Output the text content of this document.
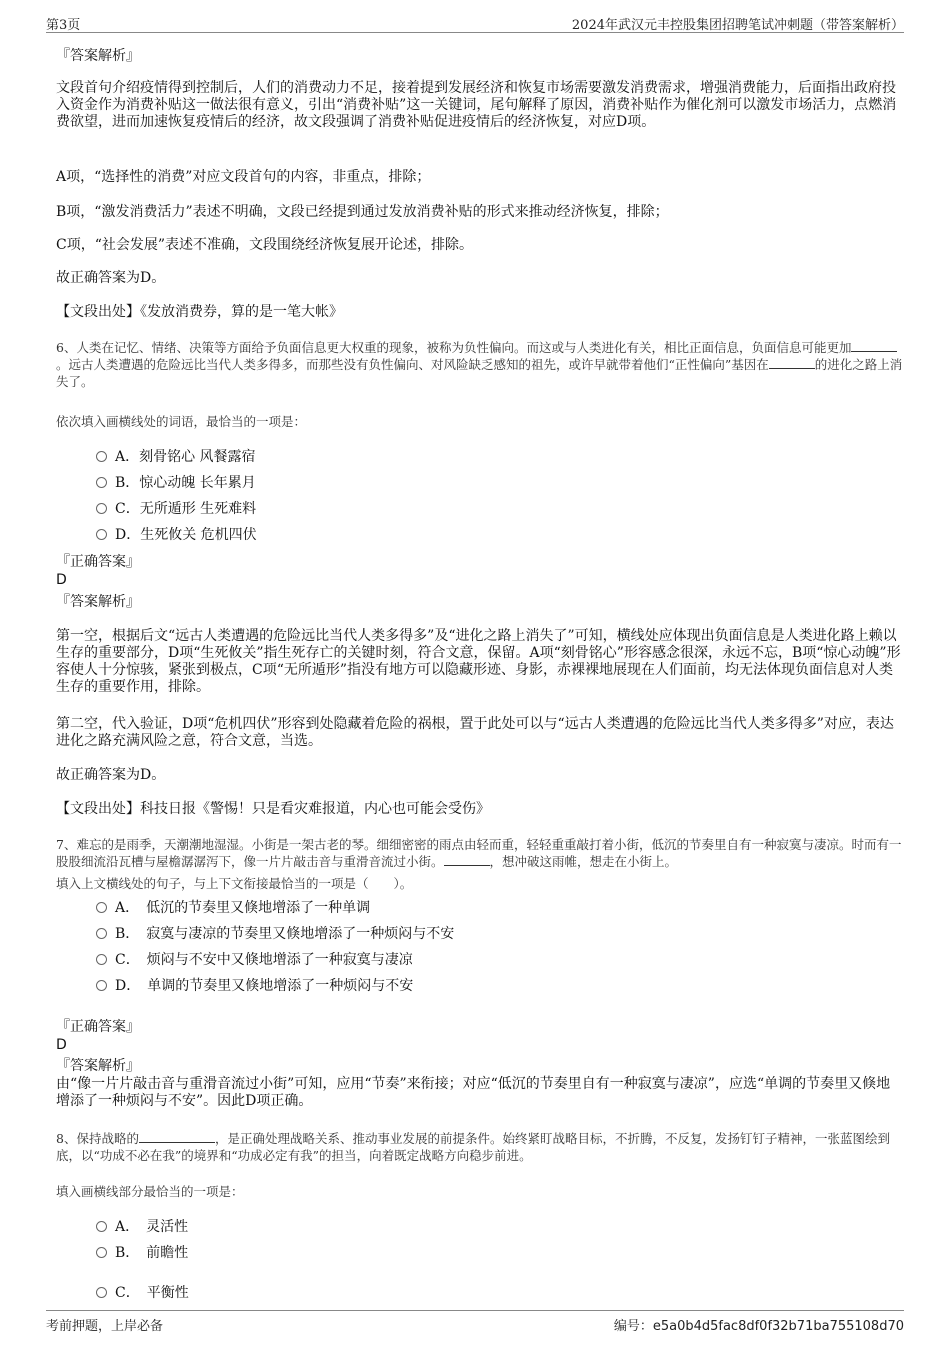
第3页	2024年武汉元丰控股集团招聘笔试冲刺题（带答案解析）
『答案解析』

文段首句介绍疫情得到控制后，人们的消费动力不足，接着提到发展经济和恢复市场需要激发消费需求，增强消费能力，后面指出政府投入资金作为消费补贴这一做法很有意义，引出“消费补贴”这一关键词，尾句解释了原因，消费补贴作为催化剂可以激发市场活力，点燃消费欲望，进而加速恢复疫情后的经济，故文段强调了消费补贴促进疫情后的经济恢复，对应D项。

A项，“选择性的消费”对应文段首句的内容，非重点，排除；

B项，“激发消费活力”表述不明确，文段已经提到通过发放消费补贴的形式来推动经济恢复，排除；

C项，“社会发展”表述不准确，文段围绕经济恢复展开论述，排除。

故正确答案为D。

【文段出处】《发放消费券，算的是一笔大帐》

6、人类在记忆、情绪、决策等方面给予负面信息更大权重的现象，被称为负性偏向。而这或与人类进化有关，相比正面信息，负面信息可能更加。远古人类遭遇的危险远比当代人类多得多，而那些没有负性偏向、对风险缺乏感知的祖先，或许早就带着他们“正性偏向”基因在	的进化之路上消失了。

依次填入画横线处的词语，最恰当的一项是：

A．刻骨铭心 风餐露宿
B．惊心动魄 长年累月
C．无所遁形 生死难料
D．生死攸关 危机四伏
『正确答案』
D
『答案解析』

第一空，根据后文“远古人类遭遇的危险远比当代人类多得多”及“进化之路上消失了”可知，横线处应体现出负面信息是人类进化路上赖以生存的重要部分，D项“生死攸关”指生死存亡的关键时刻，符合文意，保留。A项“刻骨铭心”形容感念很深，永远不忘，B项“惊心动魄”形容使人十分惊骇，紧张到极点，C项“无所遁形”指没有地方可以隐藏形迹、身影，赤裸裸地展现在人们面前，均无法体现负面信息对人类生存的重要作用，排除。

第二空，代入验证，D项“危机四伏”形容到处隐藏着危险的祸根，置于此处可以与“远古人类遭遇的危险远比当代人类多得多”对应，表达进化之路充满风险之意，符合文意，当选。

故正确答案为D。

【文段出处】科技日报《警惕！只是看灾难报道，内心也可能会受伤》

7、难忘的是雨季，天潮潮地湿湿。小街是一架古老的琴。细细密密的雨点由轻而重，轻轻重重敲打着小街，低沉的节奏里自有一种寂寞与凄凉。时而有一股股细流沿瓦槽与屋檐潺潺泻下，像一片片敲击音与重滑音流过小街。	，想冲破这雨帷，想走在小街上。

填入上文横线处的句子，与上下文衔接最恰当的一项是（　　）。

A．　低沉的节奏里又倏地增添了一种单调
B．　寂寞与凄凉的节奏里又倏地增添了一种烦闷与不安
C．　烦闷与不安中又倏地增添了一种寂寞与凄凉
D．　单调的节奏里又倏地增添了一种烦闷与不安
『正确答案』
D
『答案解析』

由“像一片片敲击音与重滑音流过小街”可知，应用“节奏”来衔接；对应“低沉的节奏里自有一种寂寞与凄凉”，应选“单调的节奏里又倏地增添了一种烦闷与不安”。因此D项正确。

8、保持战略的	，是正确处理战略关系、推动事业发展的前提条件。始终紧盯战略目标，不折腾，不反复，发扬钉钉子精神，一张蓝图绘到底，以“功成不必在我”的境界和“功成必定有我”的担当，向着既定战略方向稳步前进。

填入画横线部分最恰当的一项是：

A．　灵活性
B．　前瞻性
C．　平衡性
考前押题，上岸必备	编号：e5a0b4d5fac8df0f32b71ba755108d70
